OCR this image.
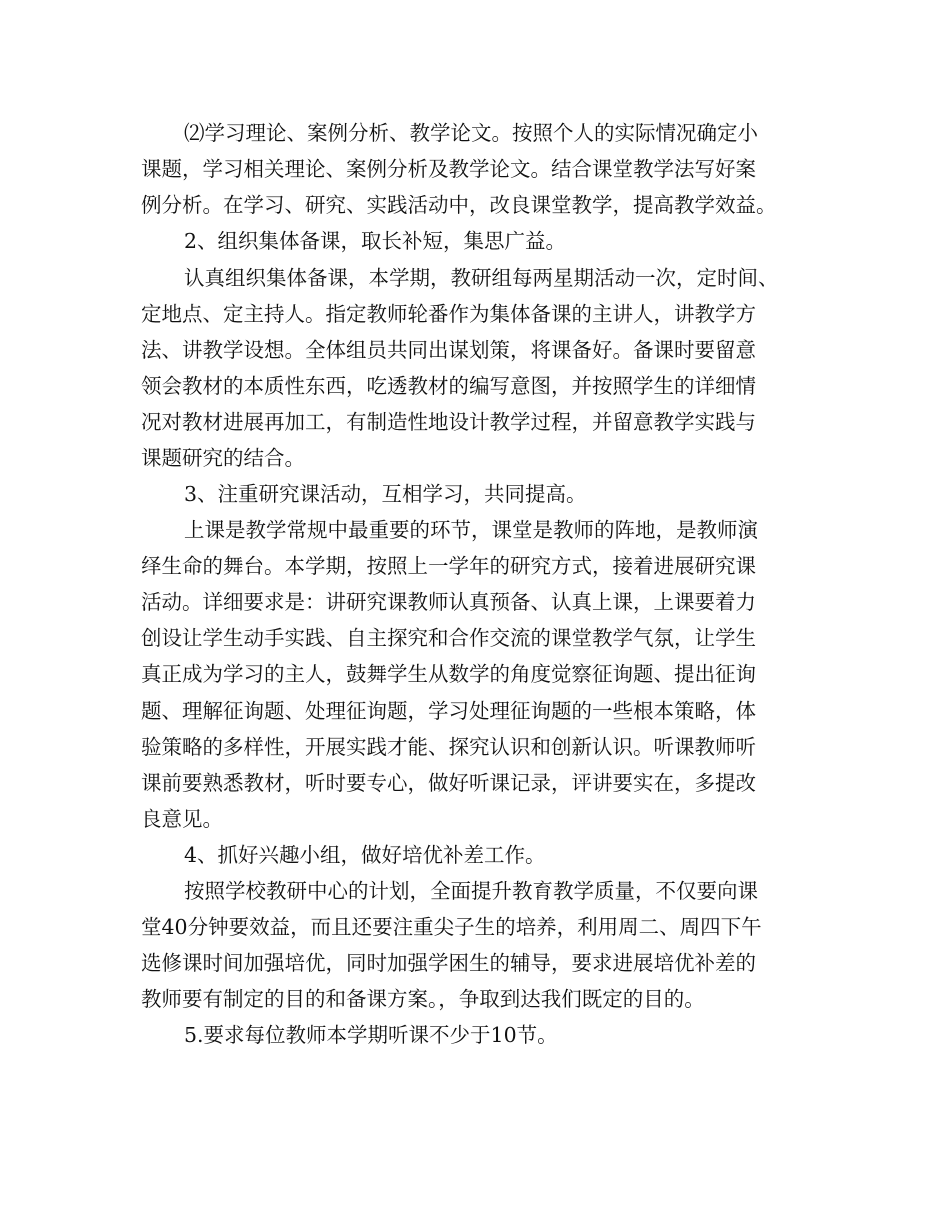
⑵学习理论、案例分析、教学论文。按照个人的实际情况确定小
课题，学习相关理论、案例分析及教学论文。结合课堂教学法写好案
例分析。在学习、研究、实践活动中，改良课堂教学，提高教学效益。
2、组织集体备课，取长补短，集思广益。
认真组织集体备课，本学期，教研组每两星期活动一次，定时间、
定地点、定主持人。指定教师轮番作为集体备课的主讲人，讲教学方
法、讲教学设想。全体组员共同出谋划策，将课备好。备课时要留意
领会教材的本质性东西，吃透教材的编写意图，并按照学生的详细情
况对教材进展再加工，有制造性地设计教学过程，并留意教学实践与
课题研究的结合。
3、注重研究课活动，互相学习，共同提高。
上课是教学常规中最重要的环节，课堂是教师的阵地，是教师演
绎生命的舞台。本学期，按照上一学年的研究方式，接着进展研究课
活动。详细要求是：讲研究课教师认真预备、认真上课，上课要着力
创设让学生动手实践、自主探究和合作交流的课堂教学气氛，让学生
真正成为学习的主人，鼓舞学生从数学的角度觉察征询题、提出征询
题、理解征询题、处理征询题，学习处理征询题的一些根本策略，体
验策略的多样性，开展实践才能、探究认识和创新认识。听课教师听
课前要熟悉教材，听时要专心，做好听课记录，评讲要实在，多提改
良意见。
4、抓好兴趣小组，做好培优补差工作。
按照学校教研中心的计划，全面提升教育教学质量，不仅要向课
堂40分钟要效益，而且还要注重尖子生的培养，利用周二、周四下午
选修课时间加强培优，同时加强学困生的辅导，要求进展培优补差的
教师要有制定的目的和备课方案。，争取到达我们既定的目的。
5.要求每位教师本学期听课不少于10节。
